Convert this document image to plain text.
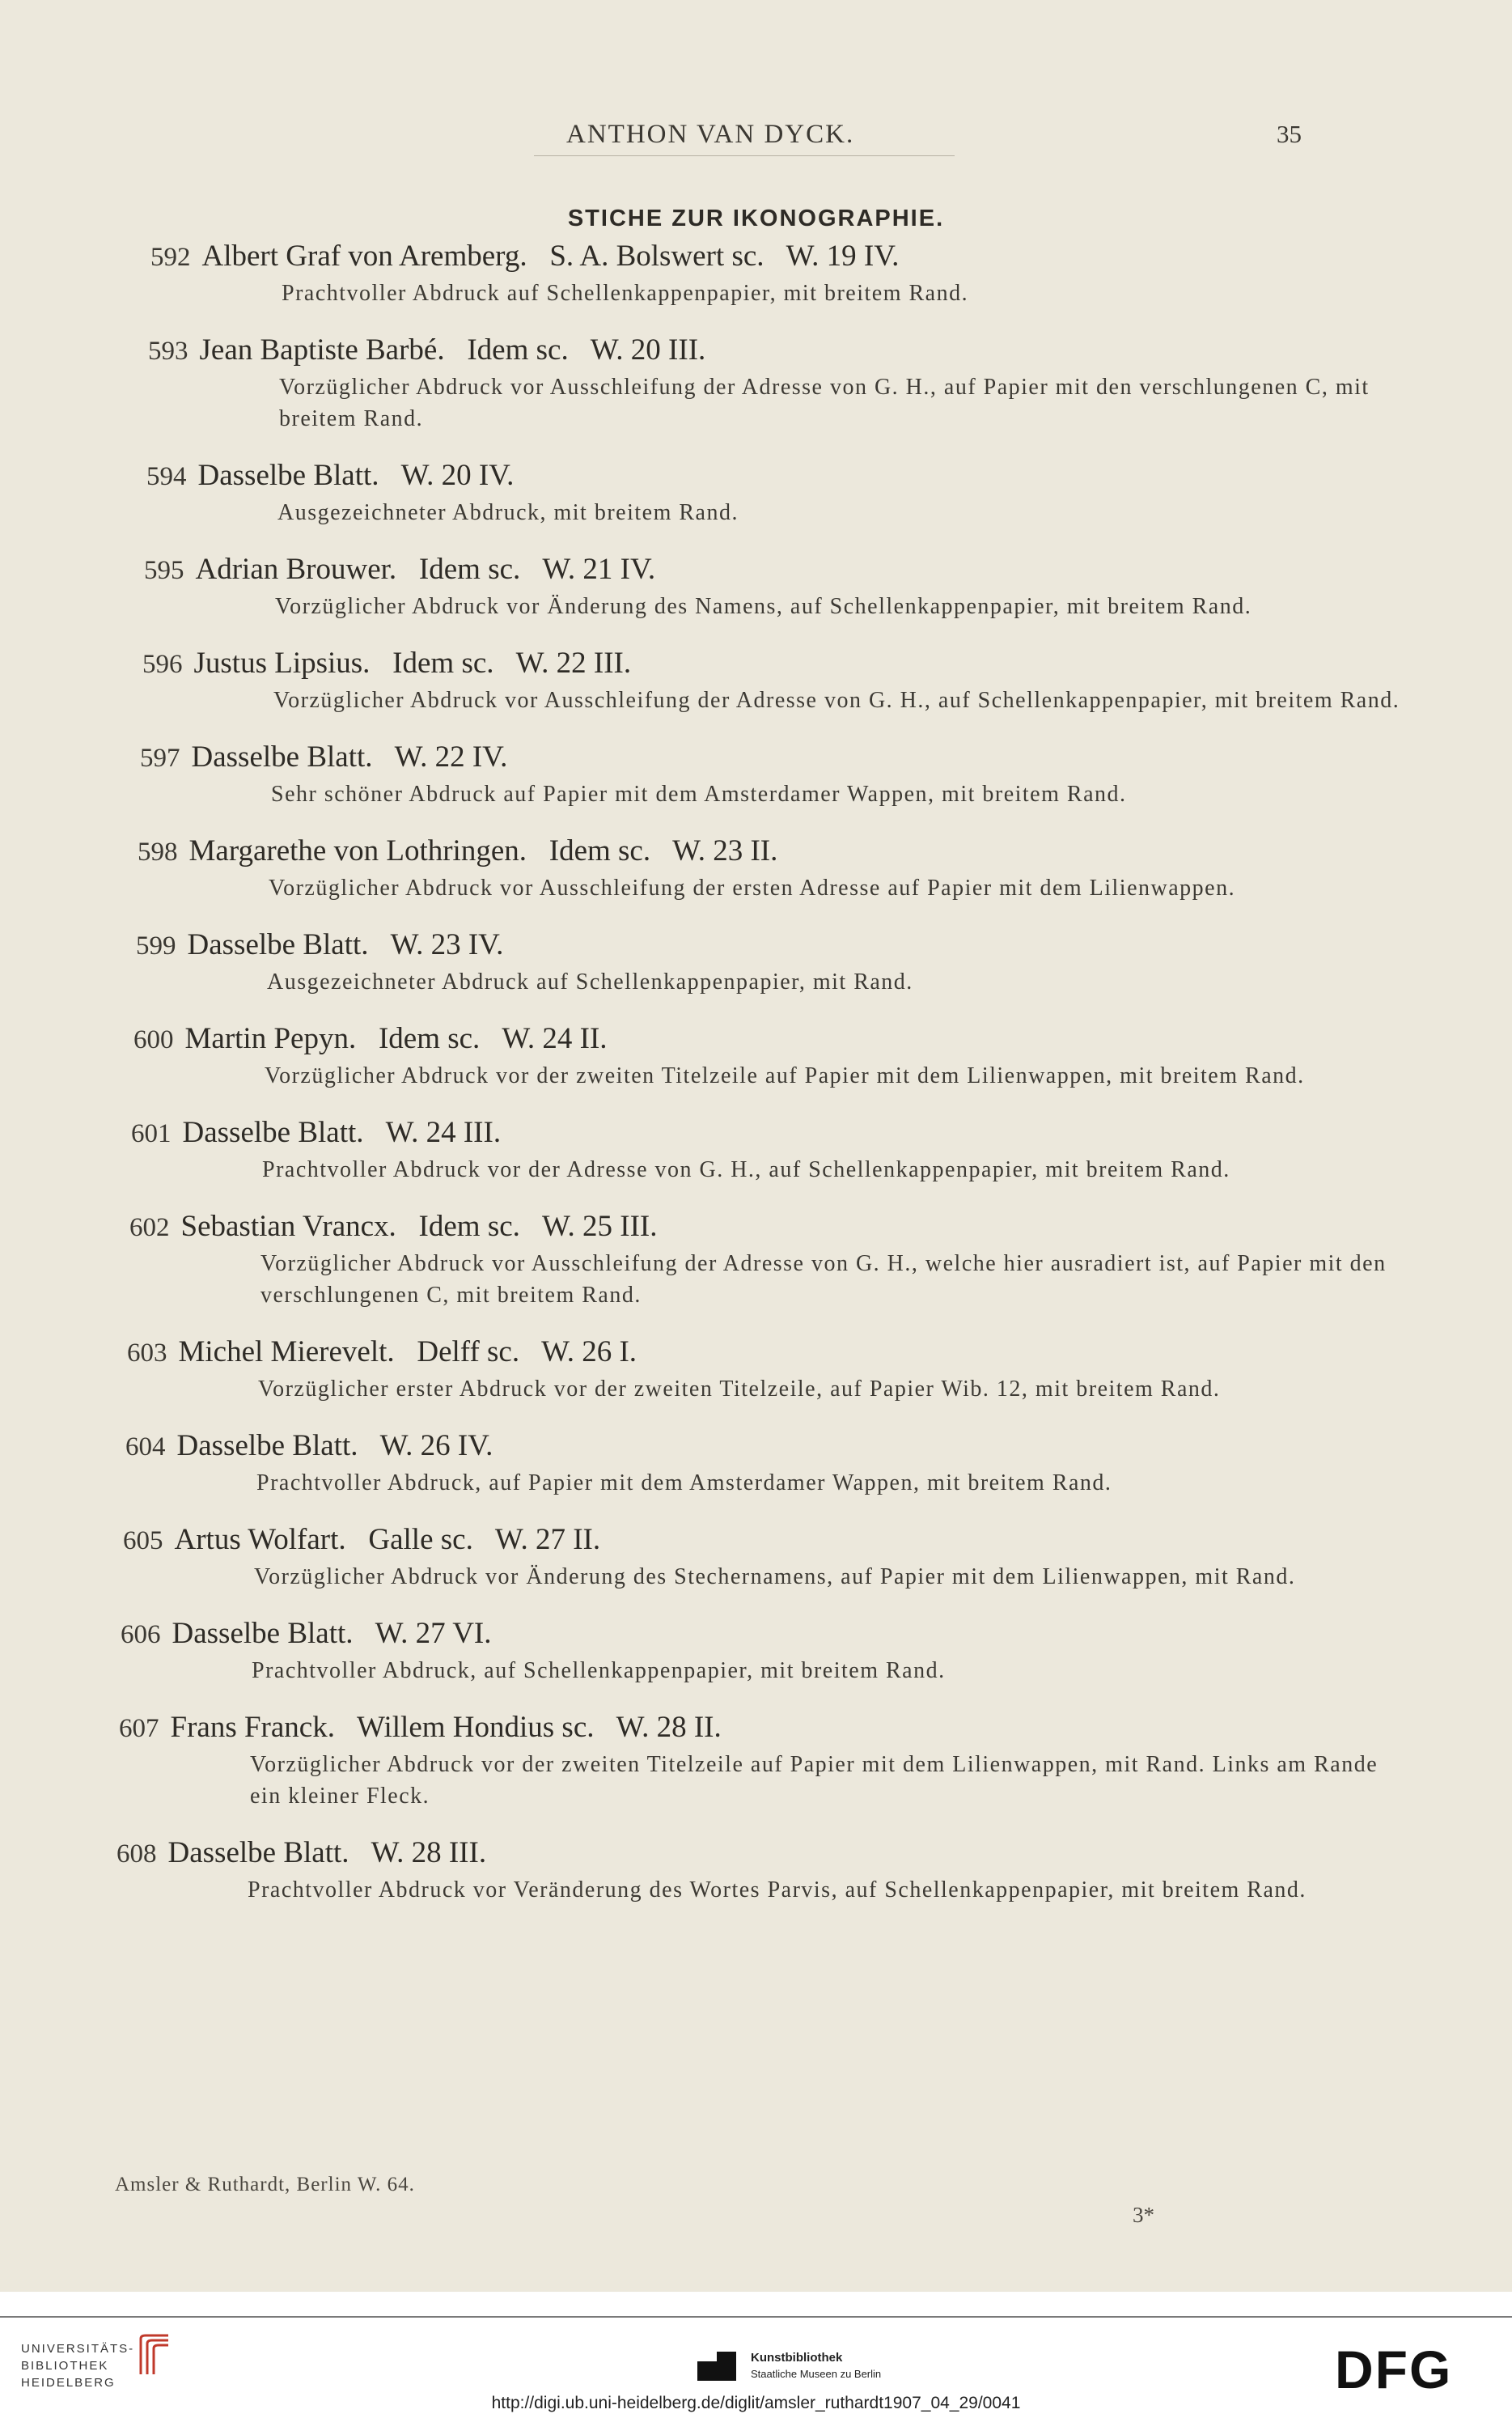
ANTHON VAN DYCK.	35
STICHE ZUR IKONOGRAPHIE.
592 Albert Graf von Aremberg.   S. A. Bolswert sc.   W. 19 IV.
Prachtvoller Abdruck auf Schellenkappenpapier, mit breitem Rand.
593 Jean Baptiste Barbé.   Idem sc.   W. 20 III.
Vorzüglicher Abdruck vor Ausschleifung der Adresse von G. H., auf Papier mit den verschlungenen C, mit breitem Rand.
594 Dasselbe Blatt.   W. 20 IV.
Ausgezeichneter Abdruck, mit breitem Rand.
595 Adrian Brouwer.   Idem sc.   W. 21 IV.
Vorzüglicher Abdruck vor Änderung des Namens, auf Schellenkappenpapier, mit breitem Rand.
596 Justus Lipsius.   Idem sc.   W. 22 III.
Vorzüglicher Abdruck vor Ausschleifung der Adresse von G. H., auf Schellenkappenpapier, mit breitem Rand.
597 Dasselbe Blatt.   W. 22 IV.
Sehr schöner Abdruck auf Papier mit dem Amsterdamer Wappen, mit breitem Rand.
598 Margarethe von Lothringen.   Idem sc.   W. 23 II.
Vorzüglicher Abdruck vor Ausschleifung der ersten Adresse auf Papier mit dem Lilienwappen.
599 Dasselbe Blatt.   W. 23 IV.
Ausgezeichneter Abdruck auf Schellenkappenpapier, mit Rand.
600 Martin Pepyn.   Idem sc.   W. 24 II.
Vorzüglicher Abdruck vor der zweiten Titelzeile auf Papier mit dem Lilienwappen, mit breitem Rand.
601 Dasselbe Blatt.   W. 24 III.
Prachtvoller Abdruck vor der Adresse von G. H., auf Schellenkappenpapier, mit breitem Rand.
602 Sebastian Vrancx.   Idem sc.   W. 25 III.
Vorzüglicher Abdruck vor Ausschleifung der Adresse von G. H., welche hier ausradiert ist, auf Papier mit den verschlungenen C, mit breitem Rand.
603 Michel Mierevelt.   Delff sc.   W. 26 I.
Vorzüglicher erster Abdruck vor der zweiten Titelzeile, auf Papier Wib. 12, mit breitem Rand.
604 Dasselbe Blatt.   W. 26 IV.
Prachtvoller Abdruck, auf Papier mit dem Amsterdamer Wappen, mit breitem Rand.
605 Artus Wolfart.   Galle sc.   W. 27 II.
Vorzüglicher Abdruck vor Änderung des Stechernamens, auf Papier mit dem Lilienwappen, mit Rand.
606 Dasselbe Blatt.   W. 27 VI.
Prachtvoller Abdruck, auf Schellenkappenpapier, mit breitem Rand.
607 Frans Franck.   Willem Hondius sc.   W. 28 II.
Vorzüglicher Abdruck vor der zweiten Titelzeile auf Papier mit dem Lilienwappen, mit Rand. Links am Rande ein kleiner Fleck.
608 Dasselbe Blatt.   W. 28 III.
Prachtvoller Abdruck vor Veränderung des Wortes Parvis, auf Schellenkappenpapier, mit breitem Rand.
Amsler & Ruthardt, Berlin W. 64.
3*
UNIVERSITÄTS-
BIBLIOTHEK
HEIDELBERG
Kunstbibliothek
Staatliche Museen zu Berlin	DFG
http://digi.ub.uni-heidelberg.de/diglit/amsler_ruthardt1907_04_29/0041
